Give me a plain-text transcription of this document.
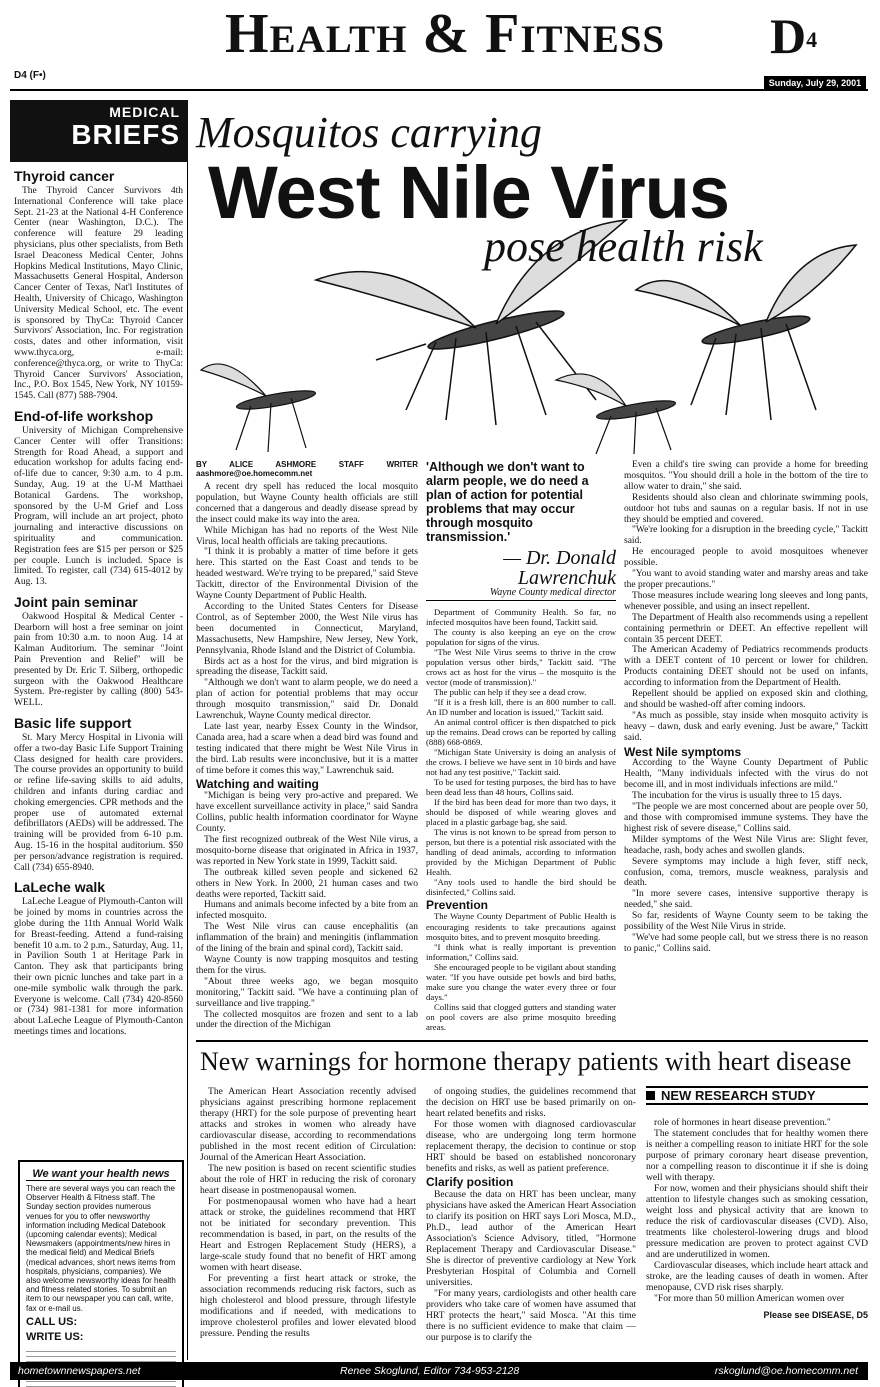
Health & Fitness $D^4$
D4 (F•)
Sunday, July 29, 2001
MEDICAL
BRIEFS
Thyroid cancer

The Thyroid Cancer Survivors 4th International Conference will take place Sept. 21-23 at the National 4-H Conference Center (near Washington, D.C.). The conference will feature 29 leading physicians, plus other specialists, from Beth Israel Deaconess Medical Center, Johns Hopkins Medical Institutions, Mayo Clinic, Massachusetts General Hospital, Anderson Cancer Center of Texas, Nat'l Institutes of Health, University of Chicago, Washington University Medical School, etc. The event is sponsored by ThyCa: Thyroid Cancer Survivors' Association, Inc. For registration costs, dates and other information, visit www.thyca.org, e-mail: conference@thyca.org, or write to ThyCa: Thyroid Cancer Survivors' Association, Inc., P.O. Box 1545, New York, NY 10159-1545. Call (877) 588-7904.

End-of-life workshop

University of Michigan Comprehensive Cancer Center will offer Transitions: Strength for Road Ahead, a support and education workshop for adults facing end-of-life due to cancer, 9:30 a.m. to 4 p.m. Sunday, Aug. 19 at the U-M Matthaei Botanical Gardens. The workshop, sponsored by the U-M Grief and Loss Program, will include an art project, photo journaling and interactive discussions on spirituality and communication. Registration fees are $15 per person or $25 per couple. Lunch is included. Space is limited. To register, call (734) 615-4012 by Aug. 13.

Joint pain seminar

Oakwood Hospital & Medical Center - Dearborn will host a free seminar on joint pain from 10:30 a.m. to noon Aug. 14 at Kalman Auditorium. The seminar "Joint Pain Prevention and Relief" will be presented by Dr. Eric T. Silberg, orthopedic surgeon with the Oakwood Healthcare System. Pre-register by calling (800) 543-WELL.

Basic life support

St. Mary Mercy Hospital in Livonia will offer a two-day Basic Life Support Training Class designed for health care providers. The course provides an opportunity to build or refine life-saving skills to aid adults, children and infants during cardiac and choking emergencies. CPR methods and the proper use of automated external defibrillators (AEDs) will be addressed. The training will be provided from 6-10 p.m. Aug. 15-16 in the hospital auditorium. $50 per person/advance registration is required. Call (734) 655-8940.

LaLeche walk

LaLeche League of Plymouth-Canton will be joined by moms in countries across the globe during the 11th Annual World Walk for Breast-feeding. Attend a fund-raising benefit 10 a.m. to 2 p.m., Saturday, Aug. 11, in Pavilion South 1 at Heritage Park in Canton. They ask that participants bring their own picnic lunches and take part in a one-mile symbolic walk through the park. Everyone is welcome. Call (734) 420-8560 or (734) 981-1381 for more information about LaLeche League of Plymouth-Canton meetings times and locations.

We want your health news

There are several ways you can reach the Observer Health & Fitness staff. The Sunday section provides numerous venues for you to offer newsworthy information including Medical Datebook (upcoming calendar events); Medical Newsmakers (appointments/new hires in the medical field) and Medical Briefs (medical advances, short news items from hospitals, physicians, companies). We also welcome newsworthy ideas for health and fitness related stories. To submit an item to our newspaper you can call, write, fax or e-mail us.

CALL US:
WRITE US:
Mosquitos carrying
West Nile Virus
pose health risk
BY ALICE ASHMORE STAFF WRITER aashmore@oe.homecomm.net

A recent dry spell has reduced the local mosquito population, but Wayne County health officials are still concerned that a dangerous and deadly disease spread by the insect could make its way into the area.

While Michigan has had no reports of the West Nile Virus, local health officials are taking precautions.

"I think it is probably a matter of time before it gets here. This started on the East Coast and tends to be headed westward. We're trying to be prepared," said Steve Tackitt, director of the Environmental Division of the Wayne County Department of Public Health.

According to the United States Centers for Disease Control, as of September 2000, the West Nile virus has been documented in Connecticut, Maryland, Massachusetts, New Hampshire, New Jersey, New York, Pennsylvania, Rhode Island and the District of Columbia.

Birds act as a host for the virus, and bird migration is spreading the disease, Tackitt said.

"Although we don't want to alarm people, we do need a plan of action for potential problems that may occur through mosquito transmission," said Dr. Donald Lawrenchuk, Wayne County medical director.

Late last year, nearby Essex County in the Windsor, Canada area, had a scare when a dead bird was found and testing indicated that there might be West Nile Virus in the bird. Lab results were inconclusive, but it is a matter of time before it comes this way," Lawrenchuk said.

Watching and waiting

"Michigan is being very pro-active and prepared. We have excellent surveillance activity in place," said Sandra Collins, public health information coordinator for Wayne County.

The first recognized outbreak of the West Nile virus, a mosquito-borne disease that originated in Africa in 1937, was reported in New York state in 1999, Tackitt said.

The outbreak killed seven people and sickened 62 others in New York. In 2000, 21 human cases and two deaths were reported, Tackitt said.

Humans and animals become infected by a bite from an infected mosquito.

The West Nile virus can cause encephalitis (an inflammation of the brain) and meningitis (inflammation of the lining of the brain and spinal cord), Tackitt said.

Wayne County is now trapping mosquitos and testing them for the virus.

"About three weeks ago, we began mosquito monitoring," Tackitt said. "We have a continuing plan of surveillance and live trapping."

The collected mosquitos are frozen and sent to a lab under the direction of the Michigan

'Although we don't want to alarm people, we do need a plan of action for potential problems that may occur through mosquito transmission.'
— Dr. Donald Lawrenchuk
Wayne County medical director

Department of Community Health. So far, no infected mosquitos have been found, Tackitt said.

The county is also keeping an eye on the crow population for signs of the virus.

"The West Nile Virus seems to thrive in the crow population versus other birds," Tackitt said. "The crows act as host for the virus – the mosquito is the vector (mode of transmission)."

The public can help if they see a dead crow.

"If it is a fresh kill, there is an 800 number to call. An ID number and location is issued," Tackitt said.

An animal control officer is then dispatched to pick up the remains. Dead crows can be reported by calling (888) 668-0869.

"Michigan State University is doing an analysis of the crows. I believe we have sent in 10 birds and have not had any test positive," Tackitt said.

To be used for testing purposes, the bird has to have been dead less than 48 hours, Collins said.

If the bird has been dead for more than two days, it should be disposed of while wearing gloves and placed in a plastic garbage bag, she said.

The virus is not known to be spread from person to person, but there is a potential risk associated with the handling of dead animals, according to information provided by the Michigan Department of Public Health.

"Any tools used to handle the bird should be disinfected," Collins said.

Prevention

The Wayne County Department of Public Health is encouraging residents to take precautions against mosquito bites, and to prevent mosquito breeding.

"I think what is really important is prevention information," Collins said.

She encouraged people to be vigilant about standing water. "If you have outside pet bowls and bird baths, make sure you change the water every three or four days."

Collins said that clogged gutters and standing water on pool covers are also prime mosquito breeding areas.

Even a child's tire swing can provide a home for breeding mosquitos. "You should drill a hole in the bottom of the tire to allow water to drain," she said.

Residents should also clean and chlorinate swimming pools, outdoor hot tubs and saunas on a regular basis. If not in use they should be emptied and covered.

"We're looking for a disruption in the breeding cycle," Tackitt said.

He encouraged people to avoid mosquitoes whenever possible.

"You want to avoid standing water and marshy areas and take the proper precautions."

Those measures include wearing long sleeves and long pants, whenever possible, and using an insect repellent.

The Department of Health also recommends using a repellent containing permethrin or DEET. An effective repellent will contain 35 percent DEET.

The American Academy of Pediatrics recommends products with a DEET content of 10 percent or lower for children. Products containing DEET should not be used on infants, according to information from the Department of Health.

Repellent should be applied on exposed skin and clothing, and should be washed-off after coming indoors.

"As much as possible, stay inside when mosquito activity is heavy – dawn, dusk and early evening. Just be aware," Tackitt said.

West Nile symptoms

According to the Wayne County Department of Public Health, "Many individuals infected with the virus do not become ill, and in most individuals infections are mild."

The incubation for the virus is usually three to 15 days.

"The people we are most concerned about are people over 50, and those with compromised immune systems. They have the highest risk of severe disease," Collins said.

Milder symptoms of the West Nile Virus are: Slight fever, headache, rash, body aches and swollen glands.

Severe symptoms may include a high fever, stiff neck, confusion, coma, tremors, muscle weakness, paralysis and death.

"In more severe cases, intensive supportive therapy is needed," she said.

So far, residents of Wayne County seem to be taking the possibility of the West Nile Virus in stride.

"We've had some people call, but we stress there is no reason to panic," Collins said.

New warnings for hormone therapy patients with heart disease

The American Heart Association recently advised physicians against prescribing hormone replacement therapy (HRT) for the sole purpose of preventing heart attacks and strokes in women who already have cardiovascular disease, according to recommendations published in the most recent edition of Circulation: Journal of the American Heart Association.

The new position is based on recent scientific studies about the role of HRT in reducing the risk of coronary heart disease in postmenopausal women.

For postmenopausal women who have had a heart attack or stroke, the guidelines recommend that HRT not be initiated for secondary prevention. This recommendation is based, in part, on the results of the Heart and Estrogen Replacement Study (HERS), a large-scale study found that no benefit of HRT among women with heart disease.

For preventing a first heart attack or stroke, the association recommends reducing risk factors, such as high cholesterol and blood pressure, through lifestyle modifications and if needed, with medications to improve cholesterol profiles and lower elevated blood pressure. Pending the results

of ongoing studies, the guidelines recommend that the decision on HRT use be based primarily on on-heart related benefits and risks.

For those women with diagnosed cardiovascular disease, who are undergoing long term hormone replacement therapy, the decision to continue or stop HRT should be based on established noncoronary benefits and risks, as well as patient preference.

Clarify position

Because the data on HRT has been unclear, many physicians have asked the American Heart Association to clarify its position on HRT says Lori Mosca, M.D., Ph.D., lead author of the American Heart Association's Science Advisory, titled, "Hormone Replacement Therapy and Cardiovascular Disease." She is director of preventive cardiology at New York Presbyterian Hospital of Columbia and Cornell universities.

"For many years, cardiologists and other health care providers who take care of women have assumed that HRT protects the heart," said Mosca. "At this time there is no sufficient evidence to make that claim — our purpose is to clarify the

NEW RESEARCH STUDY

role of hormones in heart disease prevention."

The statement concludes that for healthy women there is neither a compelling reason to initiate HRT for the sole purpose of primary coronary heart disease prevention, nor a compelling reason to discontinue it if she is doing well with therapy.

For now, women and their physicians should shift their attention to lifestyle changes such as smoking cessation, weight loss and physical activity that are known to reduce the risk of cardiovascular diseases (CVD). Also, treatments like cholesterol-lowering drugs and blood pressure medication are proven to protect against CVD and are underutilized in women.

Cardiovascular diseases, which include heart attack and stroke, are the leading causes of death in women. After menopause, CVD risk rises sharply.

"For more than 50 million American women over

Please see DISEASE, D5
hometownnewspapers.net	Renee Skoglund, Editor 734-953-2128	rskoglund@oe.homecomm.net
